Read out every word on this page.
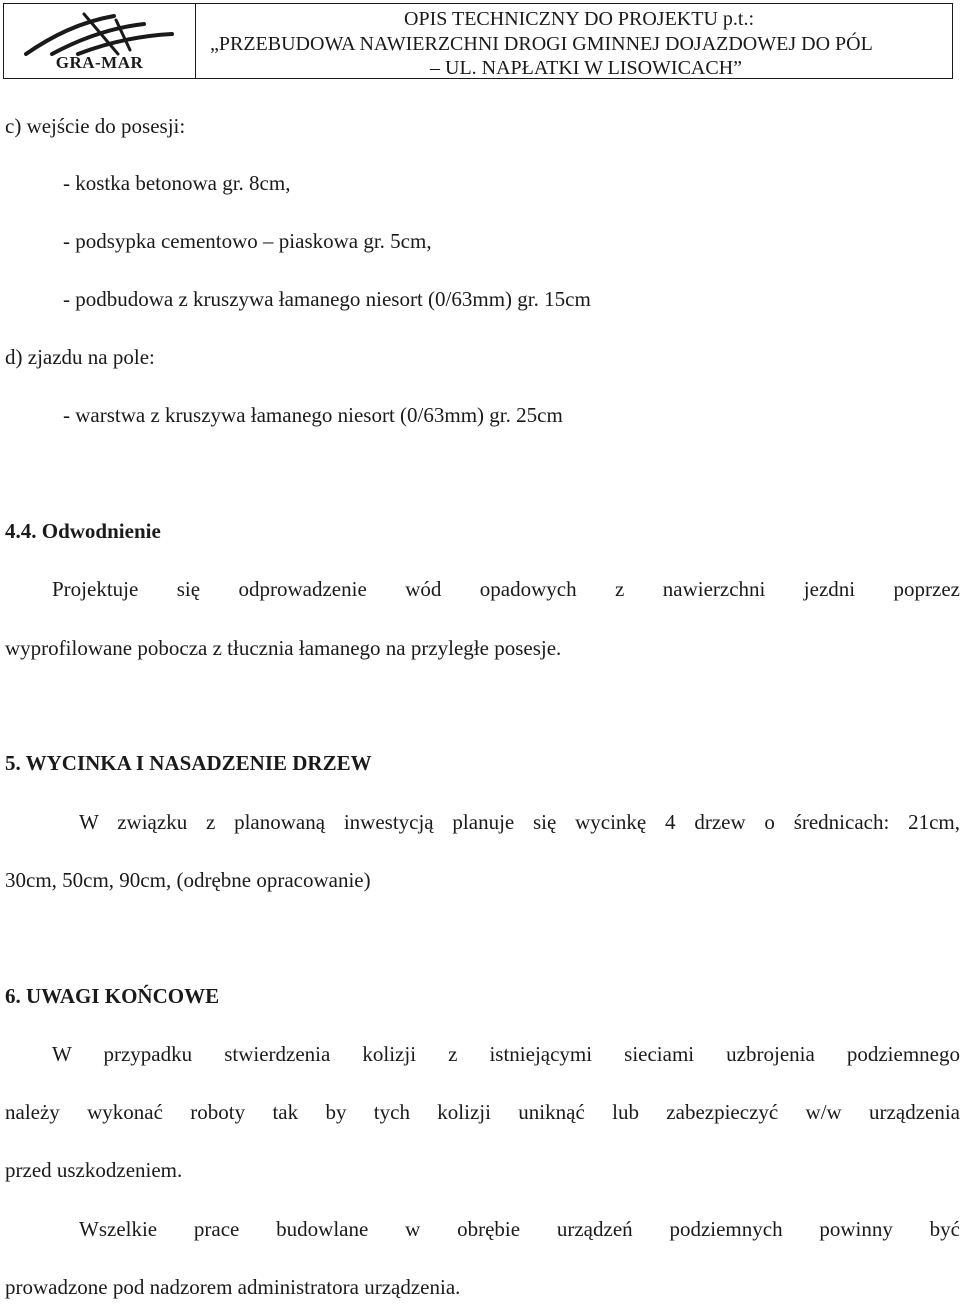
GRA-MAR
OPIS TECHNICZNY DO PROJEKTU p.t.:
„PRZEBUDOWA NAWIERZCHNI DROGI GMINNEJ DOJAZDOWEJ DO PÓL
– UL. NAPŁATKI W LISOWICACH”
c) wejście do posesji:
- kostka betonowa gr. 8cm,
- podsypka cementowo – piaskowa gr. 5cm,
- podbudowa z kruszywa łamanego niesort (0/63mm) gr. 15cm
d) zjazdu na pole:
- warstwa z kruszywa łamanego niesort (0/63mm) gr. 25cm
4.4. Odwodnienie
Projektuje się odprowadzenie wód opadowych z nawierzchni jezdni poprzez
wyprofilowane pobocza z tłucznia łamanego na przyległe posesje.
5. WYCINKA I NASADZENIE DRZEW
W związku z planowaną inwestycją planuje się wycinkę 4 drzew o średnicach: 21cm,
30cm, 50cm, 90cm, (odrębne opracowanie)
6. UWAGI KOŃCOWE
W przypadku stwierdzenia kolizji z istniejącymi sieciami uzbrojenia podziemnego
należy wykonać roboty tak by tych kolizji uniknąć lub zabezpieczyć w/w urządzenia
przed uszkodzeniem.
Wszelkie prace budowlane w obrębie urządzeń podziemnych powinny być
prowadzone pod nadzorem administratora urządzenia.
